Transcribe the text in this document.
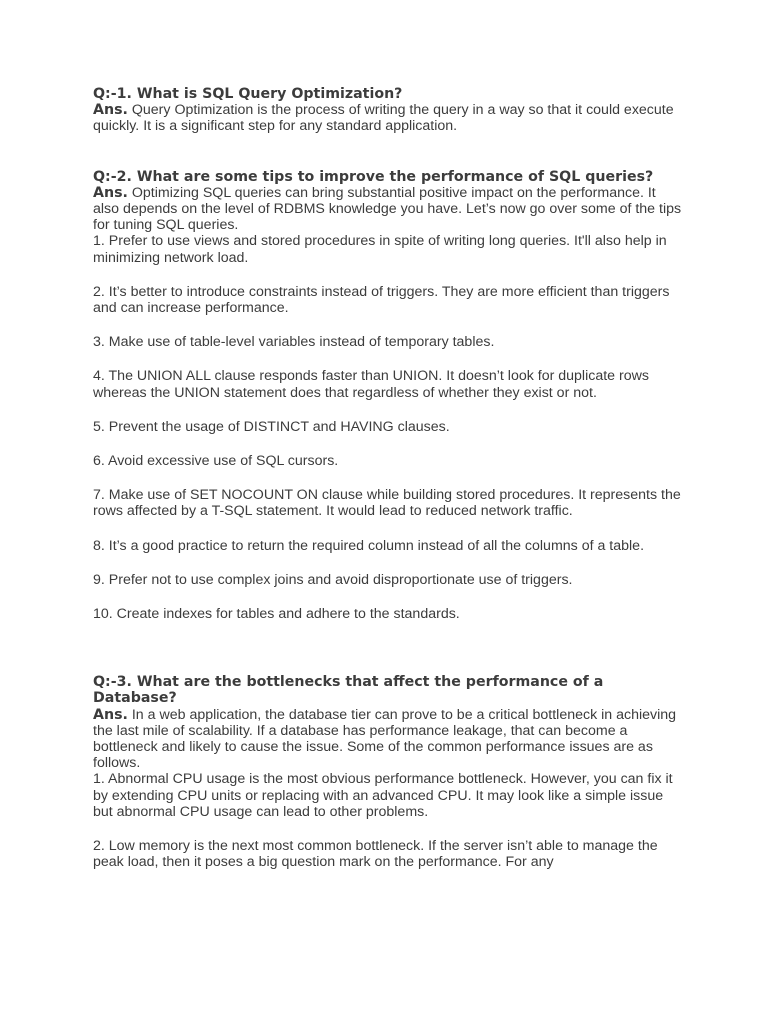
Q:-1. What is SQL Query Optimization?

Ans. Query Optimization is the process of writing the query in a way so that it could execute quickly. It is a significant step for any standard application.

Q:-2. What are some tips to improve the performance of SQL queries?

Ans. Optimizing SQL queries can bring substantial positive impact on the performance. It also depends on the level of RDBMS knowledge you have. Let’s now go over some of the tips for tuning SQL queries.

1. Prefer to use views and stored procedures in spite of writing long queries. It'll also help in minimizing network load.

2. It’s better to introduce constraints instead of triggers. They are more efficient than triggers and can increase performance.

3. Make use of table-level variables instead of temporary tables.

4. The UNION ALL clause responds faster than UNION. It doesn’t look for duplicate rows whereas the UNION statement does that regardless of whether they exist or not.

5. Prevent the usage of DISTINCT and HAVING clauses.

6. Avoid excessive use of SQL cursors.

7. Make use of SET NOCOUNT ON clause while building stored procedures. It represents the rows affected by a T-SQL statement. It would lead to reduced network traffic.

8. It’s a good practice to return the required column instead of all the columns of a table.

9. Prefer not to use complex joins and avoid disproportionate use of triggers.

10. Create indexes for tables and adhere to the standards.

Q:-3. What are the bottlenecks that affect the performance of a Database?

Ans. In a web application, the database tier can prove to be a critical bottleneck in achieving the last mile of scalability. If a database has performance leakage, that can become a bottleneck and likely to cause the issue. Some of the common performance issues are as follows.

1. Abnormal CPU usage is the most obvious performance bottleneck. However, you can fix it by extending CPU units or replacing with an advanced CPU. It may look like a simple issue but abnormal CPU usage can lead to other problems.

2. Low memory is the next most common bottleneck. If the server isn’t able to manage the peak load, then it poses a big question mark on the performance. For any
